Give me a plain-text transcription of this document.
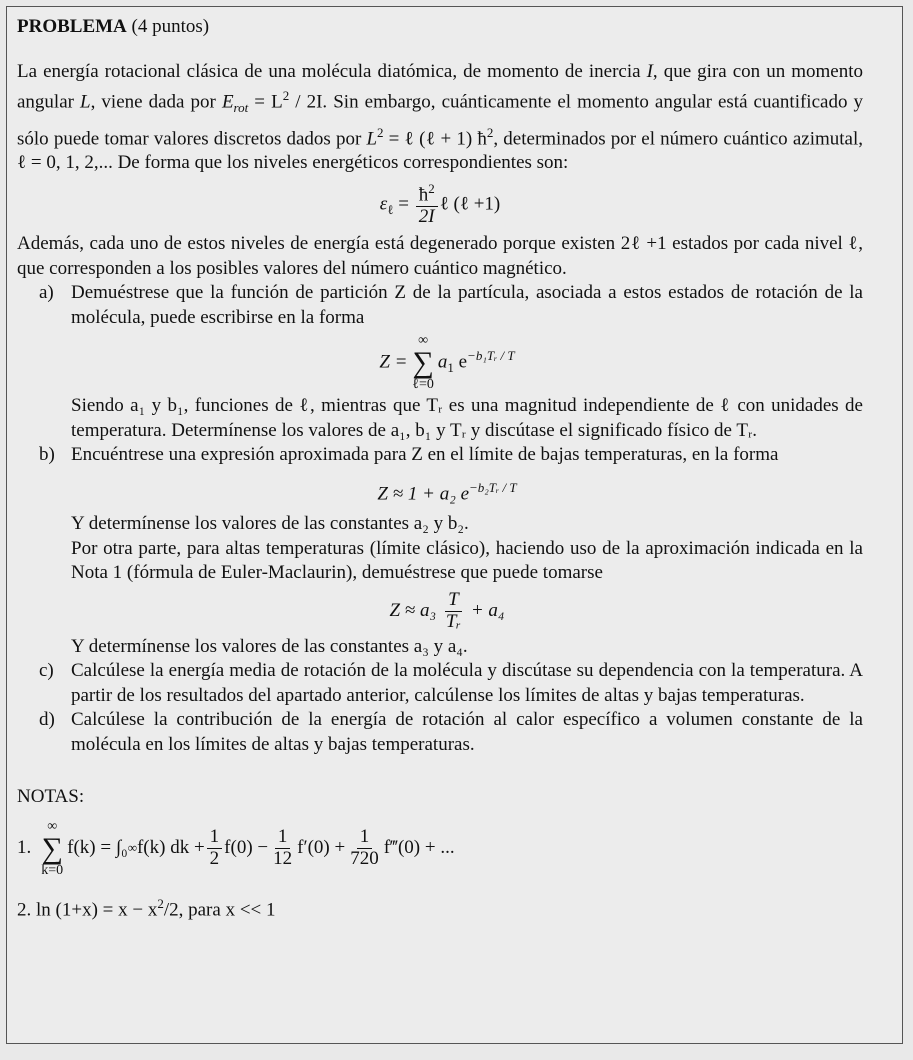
PROBLEMA (4 puntos)

La energía rotacional clásica de una molécula diatómica, de momento de inercia I, que gira con un momento angular L, viene dada por $E_{rot} = L^2 / 2I$. Sin embargo, cuánticamente el momento angular está cuantificado y sólo puede tomar valores discretos dados por $L^2$ = ℓ (ℓ + 1) $ħ^2$, determinados por el número cuántico azimutal, ℓ = 0, 1, 2,... De forma que los niveles energéticos correspondientes son:

$\varepsilon_\ell = \frac{ħ^2}{2I}$ ℓ (ℓ +1)

Además, cada uno de estos niveles de energía está degenerado porque existen 2ℓ +1 estados por cada nivel ℓ, que corresponden a los posibles valores del número cuántico magnético.

a) Demuéstrese que la función de partición Z de la partícula, asociada a estos estados de rotación de la molécula, puede escribirse en la forma

Z =
∞
∑
ℓ=0
$a_1$ $e^{-b_1Tᵣ / T}$

Siendo a₁ y b₁, funciones de ℓ, mientras que Tᵣ es una magnitud independiente de ℓ con unidades de temperatura. Determínense los valores de a₁, b₁ y Tᵣ y discútase el significado físico de Tᵣ.

b) Encuéntrese una expresión aproximada para Z en el límite de bajas temperaturas, en la forma

Z ≈ 1 + a₂ $e^{-b_2Tᵣ / T}$

Y determínense los valores de las constantes a₂ y b₂.

Por otra parte, para altas temperaturas (límite clásico), haciendo uso de la aproximación indicada en la Nota 1 (fórmula de Euler-Maclaurin), demuéstrese que puede tomarse

$Z \approx a_3 \frac{T}{\text{Tᵣ}} + a_4$

Y determínense los valores de las constantes a₃ y a₄.

c) Calcúlese la energía media de rotación de la molécula y discútase su dependencia con la temperatura. A partir de los resultados del apartado anterior, calcúlense los límites de altas y bajas temperaturas.

d) Calcúlese la contribución de la energía de rotación al calor específico a volumen constante de la molécula en los límites de altas y bajas temperaturas.

NOTAS:
1.
∞
∑
k=0
f(k) = ∫₀ ∞ f(k) dk + $\frac{1}{2} f(0) - \frac{1}{12} f'(0) + \frac{1}{720}$ f‴(0) + ...
2. $\ln (1+x) = x - x^2/2$, para x << 1
